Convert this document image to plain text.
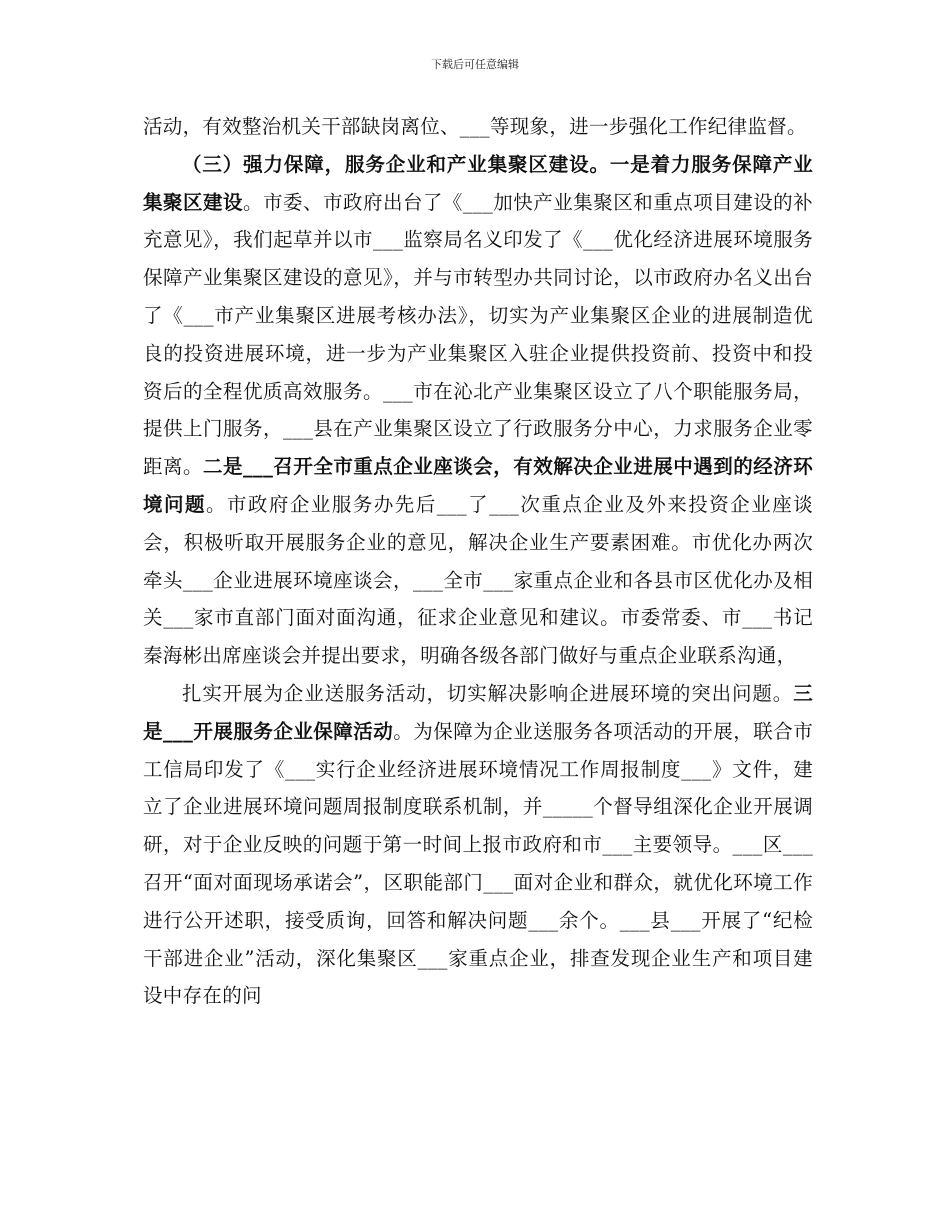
下载后可任意编辑

活动，有效整治机关干部缺岗离位、___等现象，进一步强化工作纪律监督。

（三）强力保障，服务企业和产业集聚区建设。一是着力服务保障产业集聚区建设。市委、市政府出台了《___加快产业集聚区和重点项目建设的补充意见》，我们起草并以市___监察局名义印发了《___优化经济进展环境服务保障产业集聚区建设的意见》，并与市转型办共同讨论，以市政府办名义出台了《___市产业集聚区进展考核办法》，切实为产业集聚区企业的进展制造优良的投资进展环境，进一步为产业集聚区入驻企业提供投资前、投资中和投资后的全程优质高效服务。___市在沁北产业集聚区设立了八个职能服务局，提供上门服务，___县在产业集聚区设立了行政服务分中心，力求服务企业零距离。二是___召开全市重点企业座谈会，有效解决企业进展中遇到的经济环境问题。市政府企业服务办先后___了___次重点企业及外来投资企业座谈会，积极听取开展服务企业的意见，解决企业生产要素困难。市优化办两次牵头___企业进展环境座谈会，___全市___家重点企业和各县市区优化办及相关___家市直部门面对面沟通，征求企业意见和建议。市委常委、市___书记秦海彬出席座谈会并提出要求，明确各级各部门做好与重点企业联系沟通，

扎实开展为企业送服务活动，切实解决影响企进展环境的突出问题。三是___开展服务企业保障活动。为保障为企业送服务各项活动的开展，联合市工信局印发了《___实行企业经济进展环境情况工作周报制度___》文件，建立了企业进展环境问题周报制度联系机制，并_____个督导组深化企业开展调研，对于企业反映的问题于第一时间上报市政府和市___主要领导。___区___召开“面对面现场承诺会”，区职能部门___面对企业和群众，就优化环境工作进行公开述职，接受质询，回答和解决问题___余个。___县___开展了“纪检干部进企业”活动，深化集聚区___家重点企业，排查发现企业生产和项目建设中存在的问
